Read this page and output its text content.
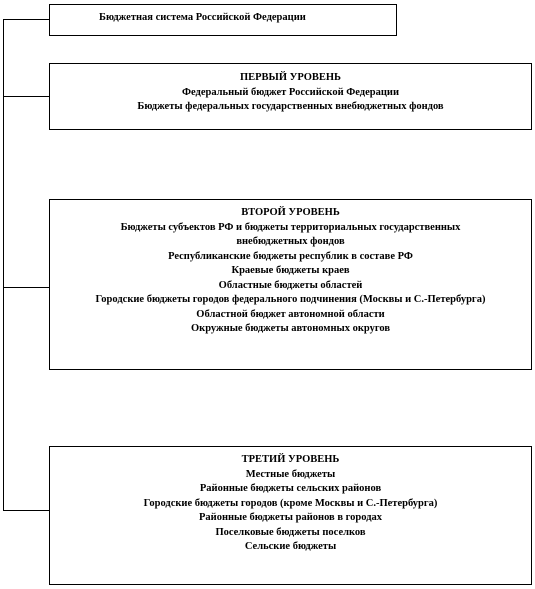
Бюджетная система Российской Федерации
ПЕРВЫЙ УРОВЕНЬ
Федеральный бюджет Российской Федерации
Бюджеты федеральных государственных внебюджетных фондов
ВТОРОЙ УРОВЕНЬ
Бюджеты субъектов РФ и бюджеты территориальных государственных внебюджетных фондов
Республиканские бюджеты республик в составе РФ
Краевые бюджеты краев
Областные бюджеты областей
Городские бюджеты городов федерального подчинения (Москвы и С.-Петербурга)
Областной бюджет автономной области
Окружные бюджеты автономных округов
ТРЕТИЙ УРОВЕНЬ
Местные бюджеты
Районные бюджеты сельских районов
Городские бюджеты городов (кроме Москвы и С.-Петербурга)
Районные бюджеты районов в городах
Поселковые бюджеты поселков
Сельские бюджеты
